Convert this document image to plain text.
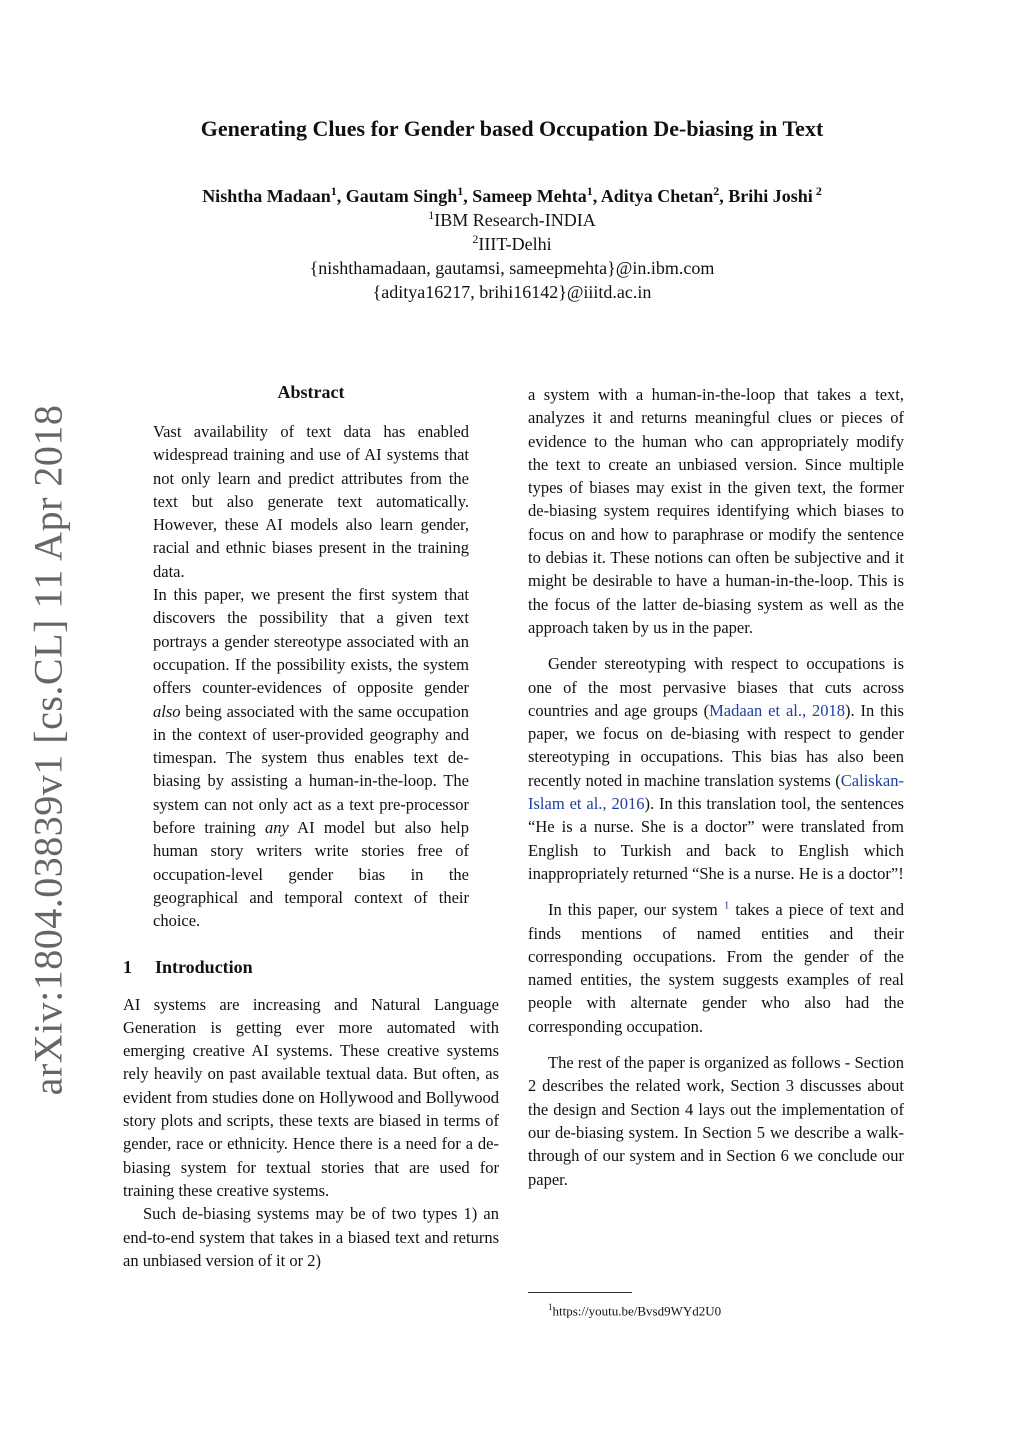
arXiv:1804.03839v1 [cs.CL] 11 Apr 2018
Generating Clues for Gender based Occupation De-biasing in Text
Nishtha Madaan$^1$, Gautam Singh$^1$, Sameep Mehta$^1$, Aditya Chetan$^2$, Brihi Joshi $^2$
$^1$IBM Research-INDIA
$^2$IIIT-Delhi
{nishthamadaan, gautamsi, sameepmehta}@in.ibm.com
{aditya16217, brihi16142}@iiitd.ac.in
Abstract

Vast availability of text data has enabled widespread training and use of AI systems that not only learn and predict attributes from the text but also generate text automatically. However, these AI models also learn gender, racial and ethnic biases present in the training data.

In this paper, we present the first system that discovers the possibility that a given text portrays a gender stereotype associated with an occupation. If the possibility exists, the system offers counter-evidences of opposite gender also being associated with the same occupation in the context of user-provided geography and timespan. The system thus enables text de-biasing by assisting a human-in-the-loop. The system can not only act as a text pre-processor before training any AI model but also help human story writers write stories free of occupation-level gender bias in the geographical and temporal context of their choice.

1 Introduction

AI systems are increasing and Natural Language Generation is getting ever more automated with emerging creative AI systems. These creative systems rely heavily on past available textual data. But often, as evident from studies done on Hollywood and Bollywood story plots and scripts, these texts are biased in terms of gender, race or ethnicity. Hence there is a need for a de-biasing system for textual stories that are used for training these creative systems.

Such de-biasing systems may be of two types 1) an end-to-end system that takes in a biased text and returns an unbiased version of it or 2)

a system with a human-in-the-loop that takes a text, analyzes it and returns meaningful clues or pieces of evidence to the human who can appropriately modify the text to create an unbiased version. Since multiple types of biases may exist in the given text, the former de-biasing system requires identifying which biases to focus on and how to paraphrase or modify the sentence to debias it. These notions can often be subjective and it might be desirable to have a human-in-the-loop. This is the focus of the latter de-biasing system as well as the approach taken by us in the paper.

Gender stereotyping with respect to occupations is one of the most pervasive biases that cuts across countries and age groups (Madaan et al., 2018). In this paper, we focus on de-biasing with respect to gender stereotyping in occupations. This bias has also been recently noted in machine translation systems (Caliskan-Islam et al., 2016). In this translation tool, the sentences “He is a nurse. She is a doctor” were translated from English to Turkish and back to English which inappropriately returned “She is a nurse. He is a doctor”!

In this paper, our system $^1$ takes a piece of text and finds mentions of named entities and their corresponding occupations. From the gender of the named entities, the system suggests examples of real people with alternate gender who also had the corresponding occupation.

The rest of the paper is organized as follows - Section 2 describes the related work, Section 3 discusses about the design and Section 4 lays out the implementation of our de-biasing system. In Section 5 we describe a walk-through of our system and in Section 6 we conclude our paper.

$^1$https://youtu.be/Bvsd9WYd2U0
